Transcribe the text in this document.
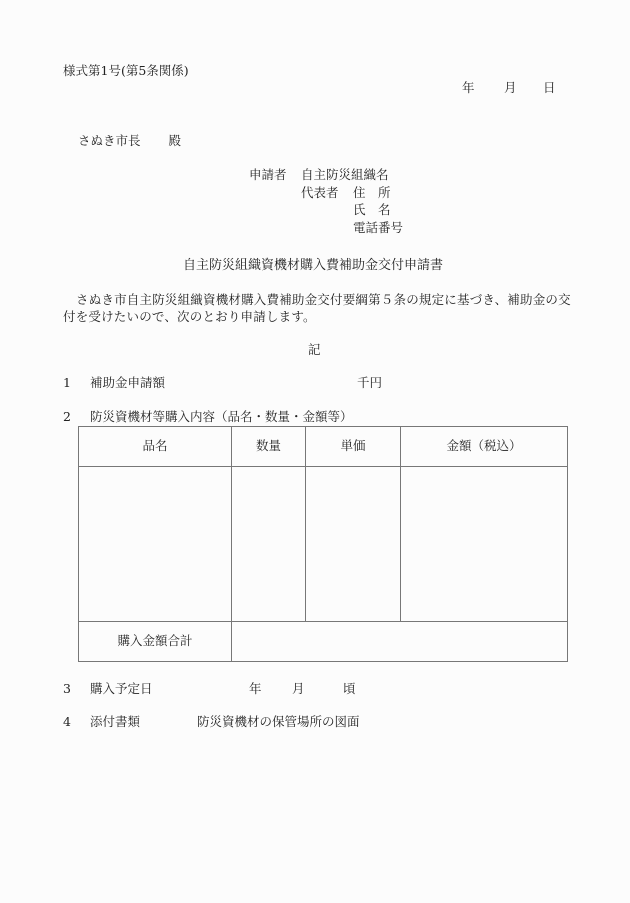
様式第1号(第5条関係)
年 月 日
さぬき市長 殿
申請者	自主防災組織名
代表者	住　所
氏　名
電話番号
自主防災組織資機材購入費補助金交付申請書
さぬき市自主防災組織資機材購入費補助金交付要綱第５条の規定に基づき、補助金の交付を受けたいので、次のとおり申請します。
記
1 補助金申請額	千円
2 防災資機材等購入内容（品名・数量・金額等）
品名	数量	単価	金額（税込）

購入金額合計			
3 購入予定日	年 月	頃
4 添付書類	防災資機材の保管場所の図面
